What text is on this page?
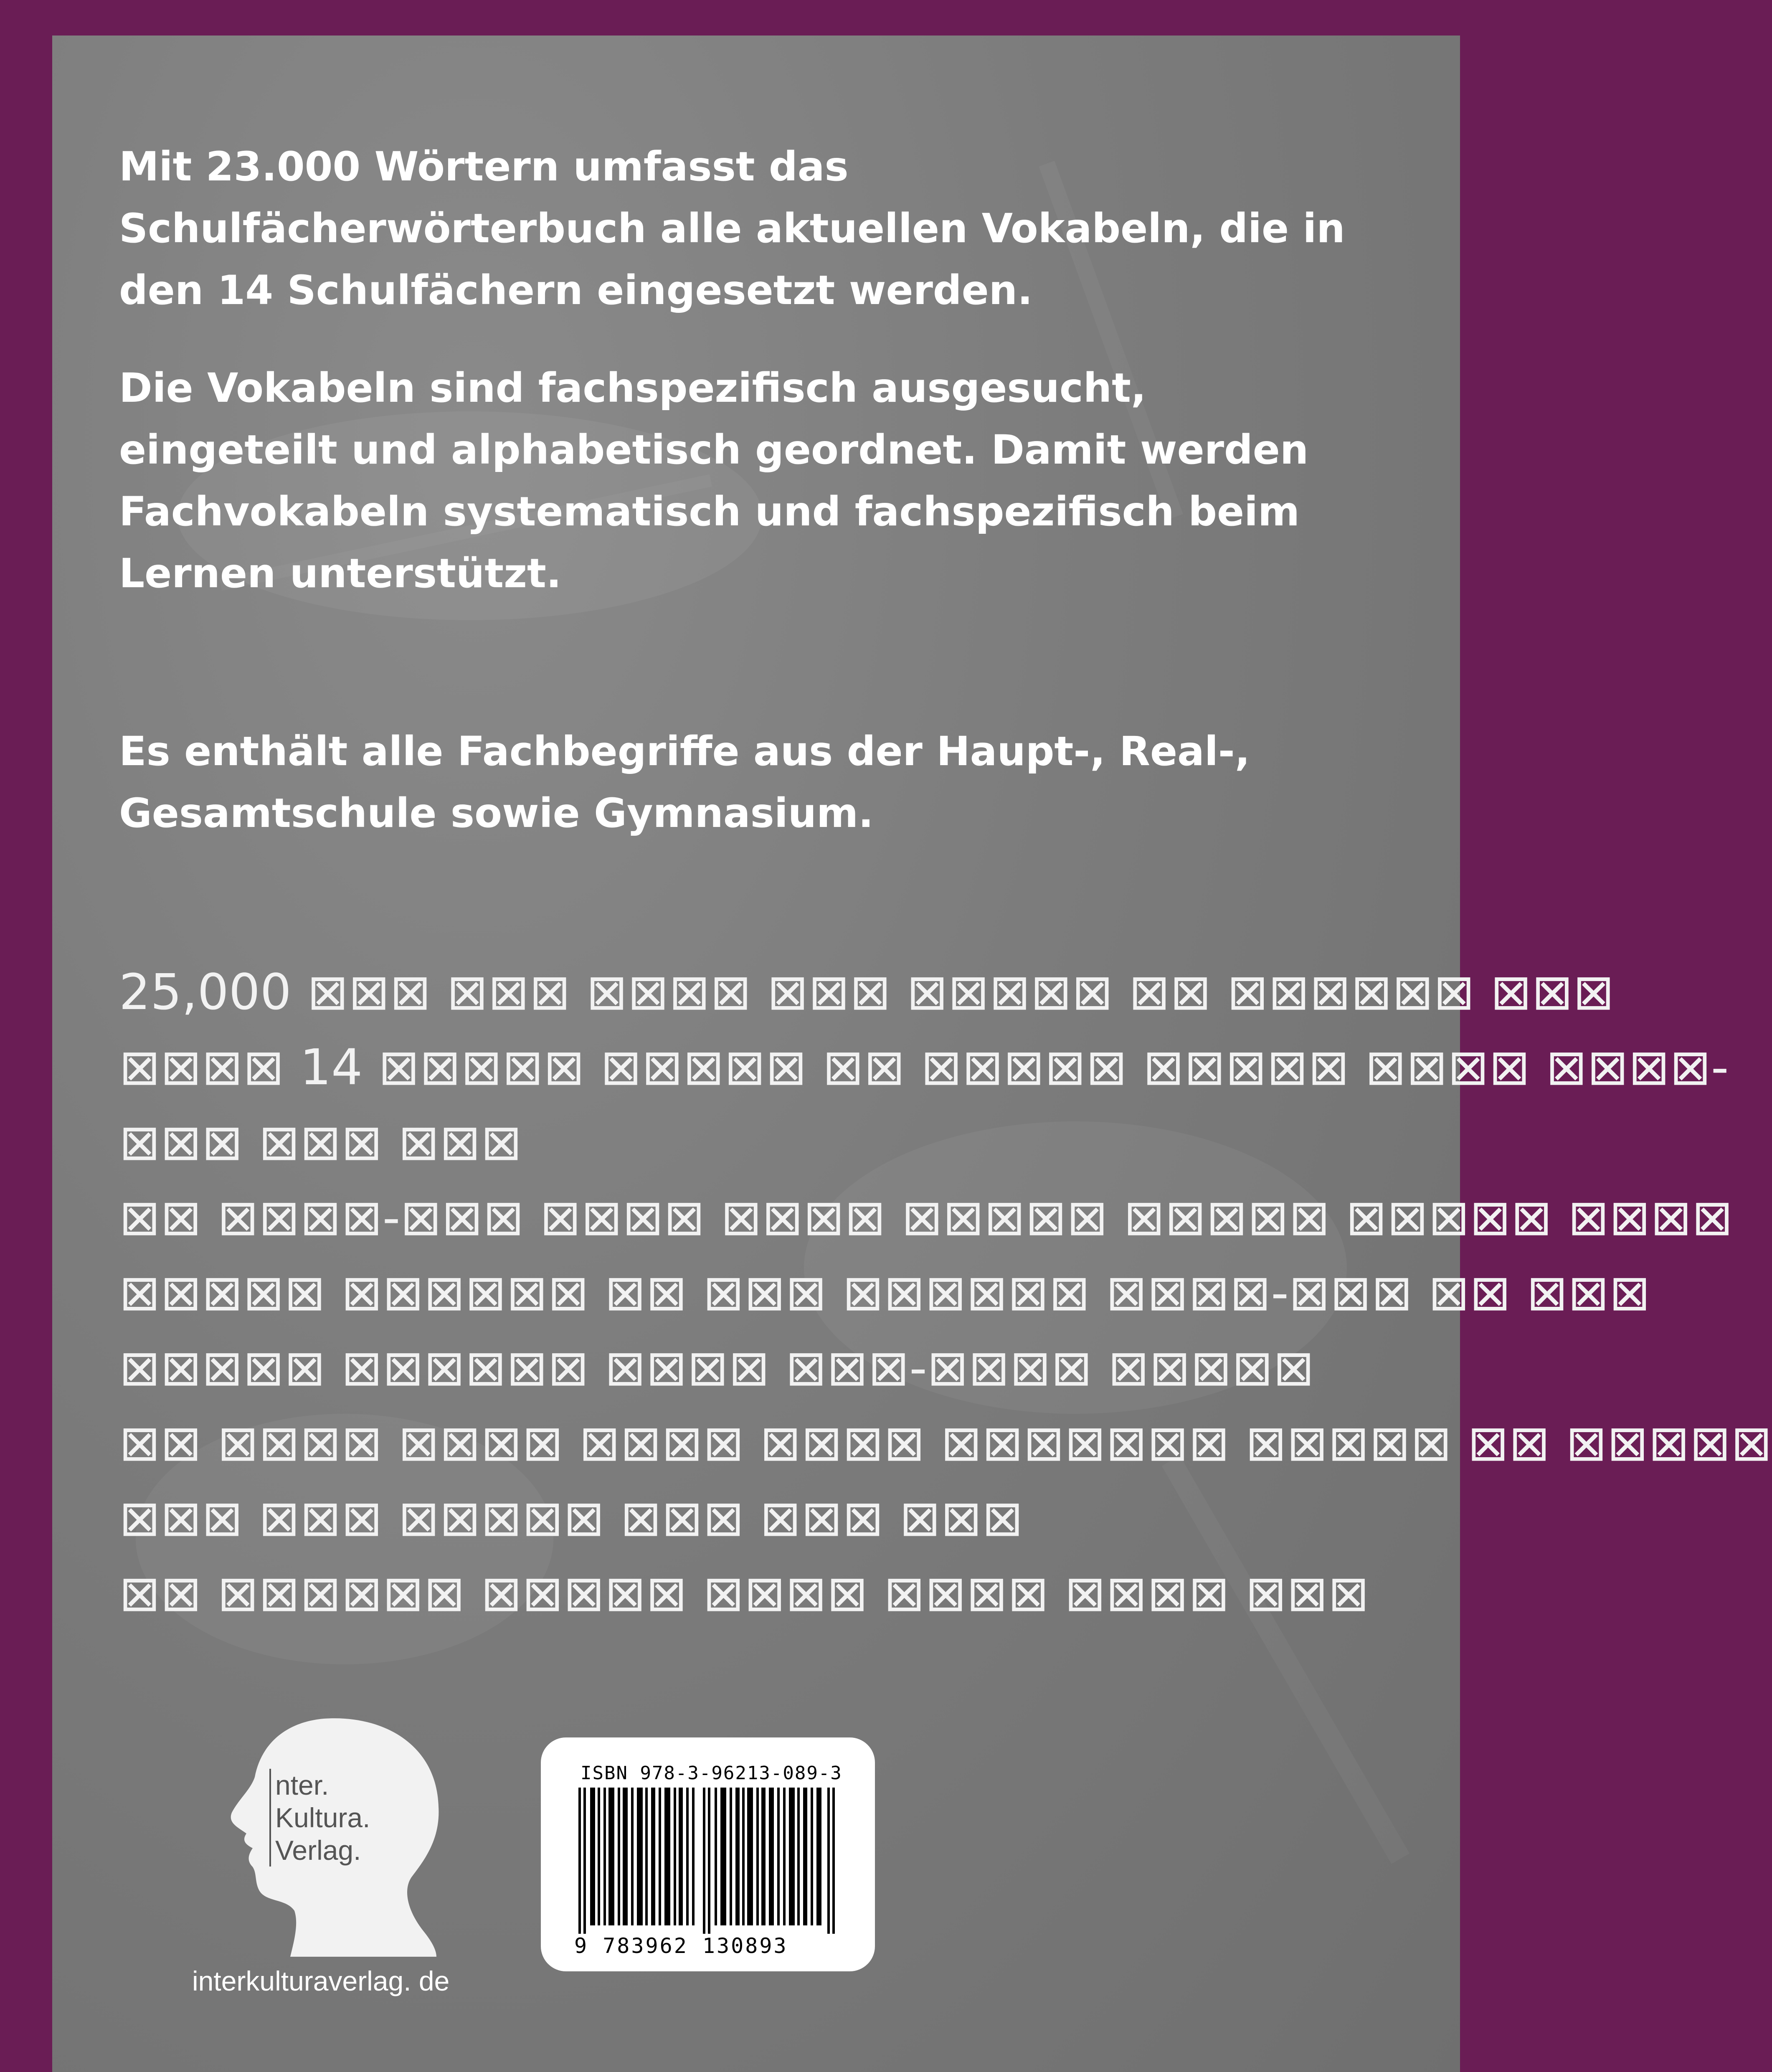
Mit 23.000 Wörtern umfasst das

Schulfächerwörterbuch alle aktuellen Vokabeln, die in

den 14 Schulfächern eingesetzt werden.

Die Vokabeln sind fachspezifisch ausgesucht,

eingeteilt und alphabetisch geordnet. Damit werden

Fachvokabeln systematisch und fachspezifisch beim

Lernen unterstützt.

Es enthält alle Fachbegriffe aus der Haupt-, Real-,

Gesamtschule sowie Gymnasium.

25,000 ⊠⊠⊠ ⊠⊠⊠ ⊠⊠⊠⊠ ⊠⊠⊠ ⊠⊠⊠⊠⊠ ⊠⊠ ⊠⊠⊠⊠⊠⊠ ⊠⊠⊠

⊠⊠⊠⊠ 14 ⊠⊠⊠⊠⊠ ⊠⊠⊠⊠⊠ ⊠⊠ ⊠⊠⊠⊠⊠ ⊠⊠⊠⊠⊠ ⊠⊠⊠⊠ ⊠⊠⊠⊠-

⊠⊠⊠ ⊠⊠⊠ ⊠⊠⊠

⊠⊠ ⊠⊠⊠⊠-⊠⊠⊠ ⊠⊠⊠⊠ ⊠⊠⊠⊠ ⊠⊠⊠⊠⊠ ⊠⊠⊠⊠⊠ ⊠⊠⊠⊠⊠ ⊠⊠⊠⊠

⊠⊠⊠⊠⊠ ⊠⊠⊠⊠⊠⊠ ⊠⊠ ⊠⊠⊠ ⊠⊠⊠⊠⊠⊠ ⊠⊠⊠⊠-⊠⊠⊠ ⊠⊠ ⊠⊠⊠

⊠⊠⊠⊠⊠ ⊠⊠⊠⊠⊠⊠ ⊠⊠⊠⊠ ⊠⊠⊠-⊠⊠⊠⊠ ⊠⊠⊠⊠⊠

⊠⊠ ⊠⊠⊠⊠ ⊠⊠⊠⊠ ⊠⊠⊠⊠ ⊠⊠⊠⊠ ⊠⊠⊠⊠⊠⊠⊠ ⊠⊠⊠⊠⊠ ⊠⊠ ⊠⊠⊠⊠⊠

⊠⊠⊠ ⊠⊠⊠ ⊠⊠⊠⊠⊠ ⊠⊠⊠ ⊠⊠⊠ ⊠⊠⊠

⊠⊠ ⊠⊠⊠⊠⊠⊠ ⊠⊠⊠⊠⊠ ⊠⊠⊠⊠ ⊠⊠⊠⊠ ⊠⊠⊠⊠ ⊠⊠⊠

nter.
Kultura.
Verlag.
interkulturaverlag. de
ISBN 978-3-96213-089-3
9 783962 130893
